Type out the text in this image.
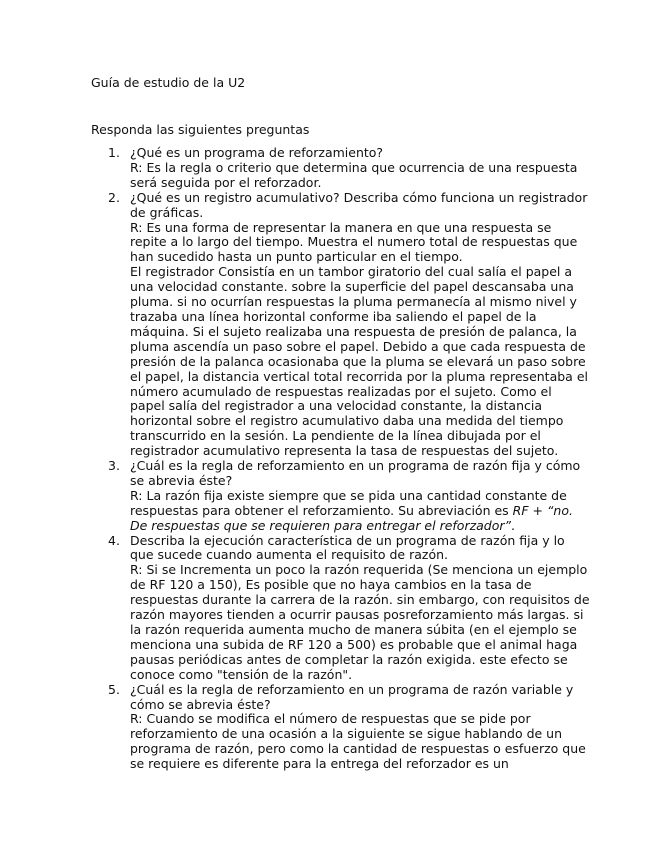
Guía de estudio de la U2

Responda las siguientes preguntas

1. ¿Qué es un programa de reforzamiento?
R: Es la regla o criterio que determina que ocurrencia de una respuesta
será seguida por el reforzador.
2. ¿Qué es un registro acumulativo? Describa cómo funciona un registrador
de gráficas.
R: Es una forma de representar la manera en que una respuesta se
repite a lo largo del tiempo. Muestra el numero total de respuestas que
han sucedido hasta un punto particular en el tiempo.
El registrador Consistía en un tambor giratorio del cual salía el papel a
una velocidad constante. sobre la superficie del papel descansaba una
pluma. si no ocurrían respuestas la pluma permanecía al mismo nivel y
trazaba una línea horizontal conforme iba saliendo el papel de la
máquina. Si el sujeto realizaba una respuesta de presión de palanca, la
pluma ascendía un paso sobre el papel. Debido a que cada respuesta de
presión de la palanca ocasionaba que la pluma se elevará un paso sobre
el papel, la distancia vertical total recorrida por la pluma representaba el
número acumulado de respuestas realizadas por el sujeto. Como el
papel salía del registrador a una velocidad constante, la distancia
horizontal sobre el registro acumulativo daba una medida del tiempo
transcurrido en la sesión. La pendiente de la línea dibujada por el
registrador acumulativo representa la tasa de respuestas del sujeto.
3. ¿Cuál es la regla de reforzamiento en un programa de razón fija y cómo
se abrevia éste?
R: La razón fija existe siempre que se pida una cantidad constante de
respuestas para obtener el reforzamiento. Su abreviación es RF + “no.
De respuestas que se requieren para entregar el reforzador”.
4. Describa la ejecución característica de un programa de razón fija y lo
que sucede cuando aumenta el requisito de razón.
R: Si se Incrementa un poco la razón requerida (Se menciona un ejemplo
de RF 120 a 150), Es posible que no haya cambios en la tasa de
respuestas durante la carrera de la razón. sin embargo, con requisitos de
razón mayores tienden a ocurrir pausas posreforzamiento más largas. si
la razón requerida aumenta mucho de manera súbita (en el ejemplo se
menciona una subida de RF 120 a 500) es probable que el animal haga
pausas periódicas antes de completar la razón exigida. este efecto se
conoce como "tensión de la razón".
5. ¿Cuál es la regla de reforzamiento en un programa de razón variable y
cómo se abrevia éste?
R: Cuando se modifica el número de respuestas que se pide por
reforzamiento de una ocasión a la siguiente se sigue hablando de un
programa de razón, pero como la cantidad de respuestas o esfuerzo que
se requiere es diferente para la entrega del reforzador es un
